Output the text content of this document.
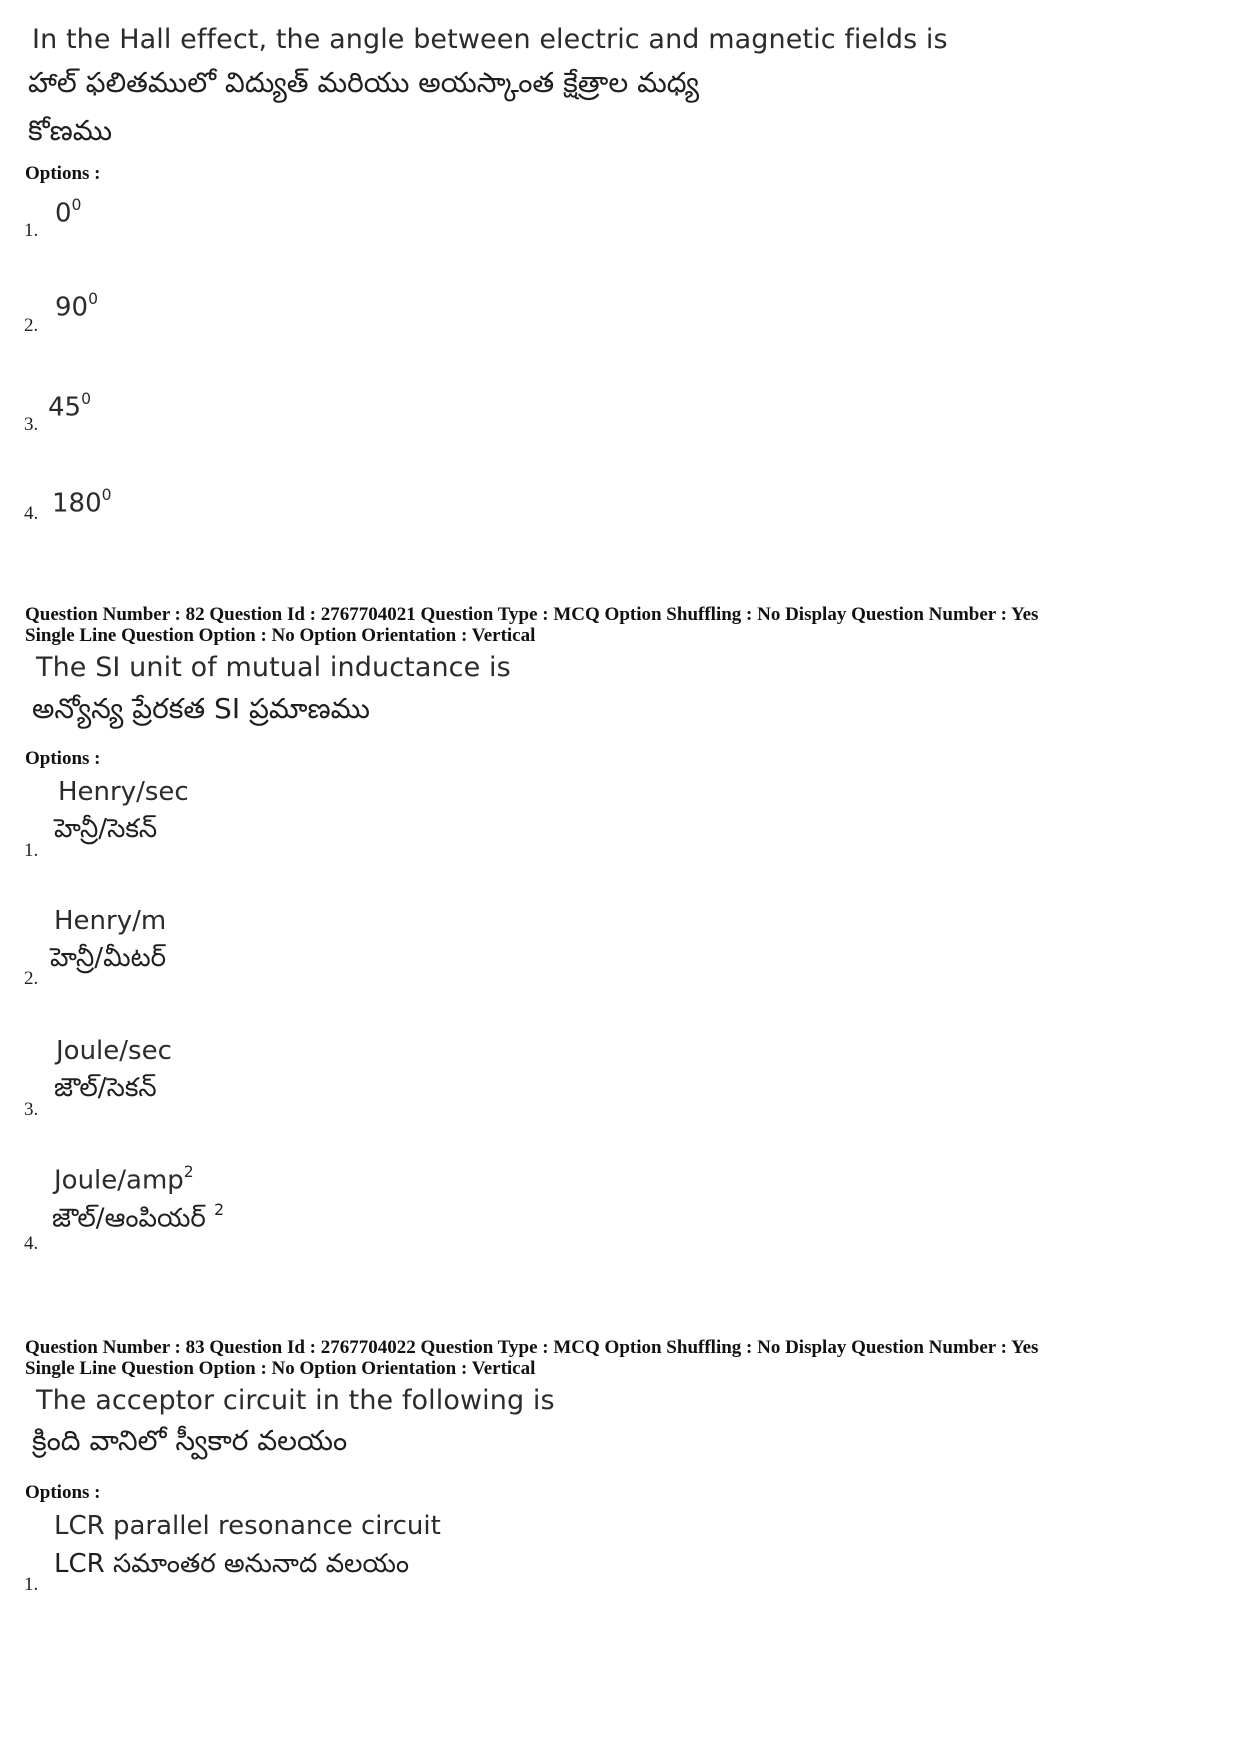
In the Hall effect, the angle between electric and magnetic fields is
హాల్ ఫలితములో విద్యుత్ మరియు అయస్కాంత క్షేత్రాల మధ్య
కోణము
Options :
1.
$0^0$
2.
$90^0$
3.
$45^0$
4. $180^0$
Question Number : 82 Question Id : 2767704021 Question Type : MCQ Option Shuffling : No Display Question Number : Yes
Single Line Question Option : No Option Orientation : Vertical
The SI unit of mutual inductance is
అన్యోన్య ప్రేరకత SI ప్రమాణము
Options :
1.
Henry/sec
హెన్రీ/సెకన్
2.
Henry/m
హెన్రీ/మీటర్
3.
Joule/sec
జౌల్/సెకన్
4.
Joule/amp$^2$
జౌల్/ఆంపియర్ $^2$
Question Number : 83 Question Id : 2767704022 Question Type : MCQ Option Shuffling : No Display Question Number : Yes
Single Line Question Option : No Option Orientation : Vertical
The acceptor circuit in the following is
క్రింది వానిలో స్వీకార వలయం
Options :
1.
LCR parallel resonance circuit
LCR సమాంతర అనునాద వలయం
